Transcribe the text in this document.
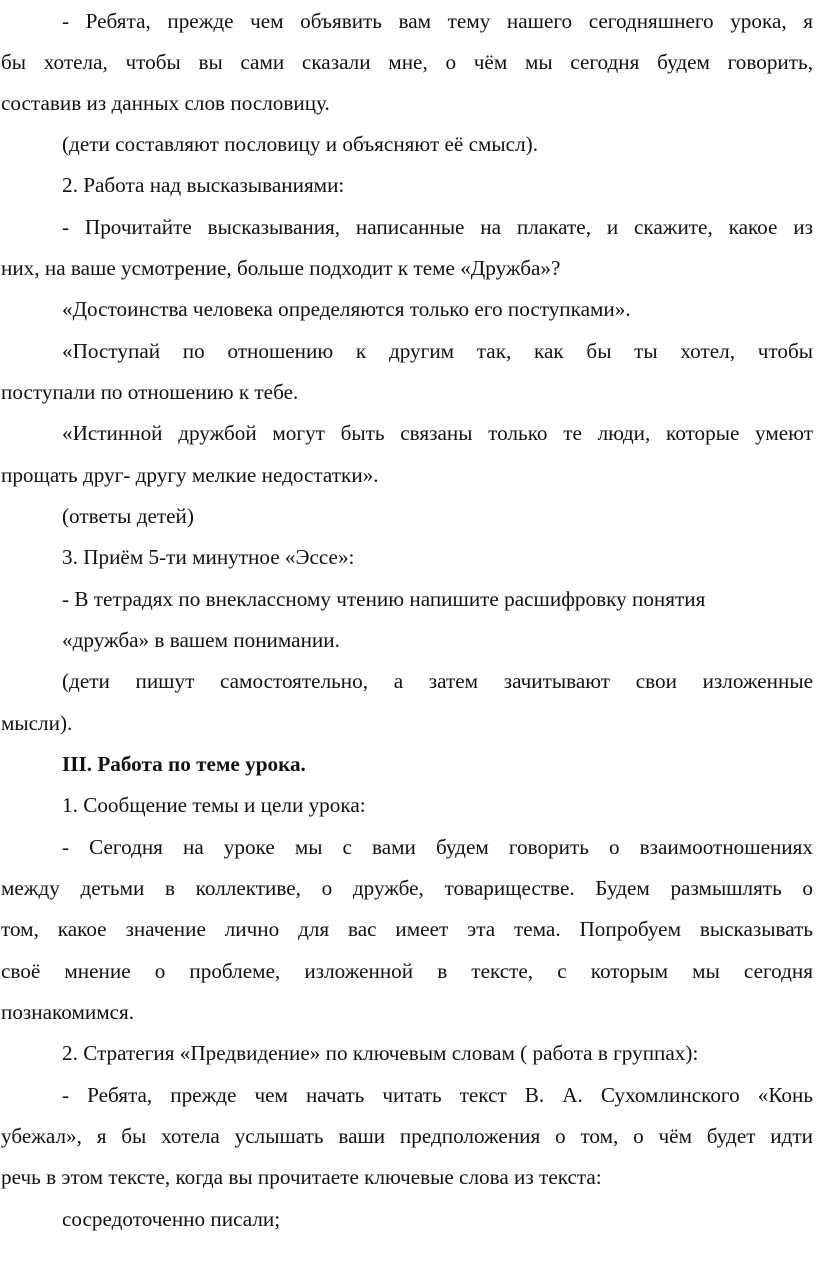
- Ребята, прежде чем объявить вам тему нашего сегодняшнего урока, я
бы хотела, чтобы вы сами сказали мне, о чём мы сегодня будем говорить,
составив из данных слов пословицу.
(дети составляют пословицу и объясняют её смысл).
2. Работа над высказываниями:
- Прочитайте высказывания, написанные на плакате, и скажите, какое из
них, на ваше усмотрение, больше подходит к теме «Дружба»?
«Достоинства человека определяются только его поступками».
«Поступай по отношению к другим так, как бы ты хотел, чтобы
поступали по отношению к тебе.
«Истинной дружбой могут быть связаны только те люди, которые умеют
прощать друг- другу мелкие недостатки».
(ответы детей)
3. Приём 5-ти минутное «Эссе»:
- В тетрадях по внеклассному чтению напишите расшифровку понятия
«дружба» в вашем понимании.
(дети пишут самостоятельно, а затем зачитывают свои изложенные
мысли).
III. Работа по теме урока.
1. Сообщение темы и цели урока:
- Сегодня на уроке мы с вами будем говорить о взаимоотношениях
между детьми в коллективе, о дружбе, товариществе. Будем размышлять о
том, какое значение лично для вас имеет эта тема. Попробуем высказывать
своё мнение о проблеме, изложенной в тексте, с которым мы сегодня
познакомимся.
2. Стратегия «Предвидение» по ключевым словам ( работа в группах):
- Ребята, прежде чем начать читать текст В. А. Сухомлинского «Конь
убежал», я бы хотела услышать ваши предположения о том, о чём будет идти
речь в этом тексте, когда вы прочитаете ключевые слова из текста:
сосредоточенно писали;
